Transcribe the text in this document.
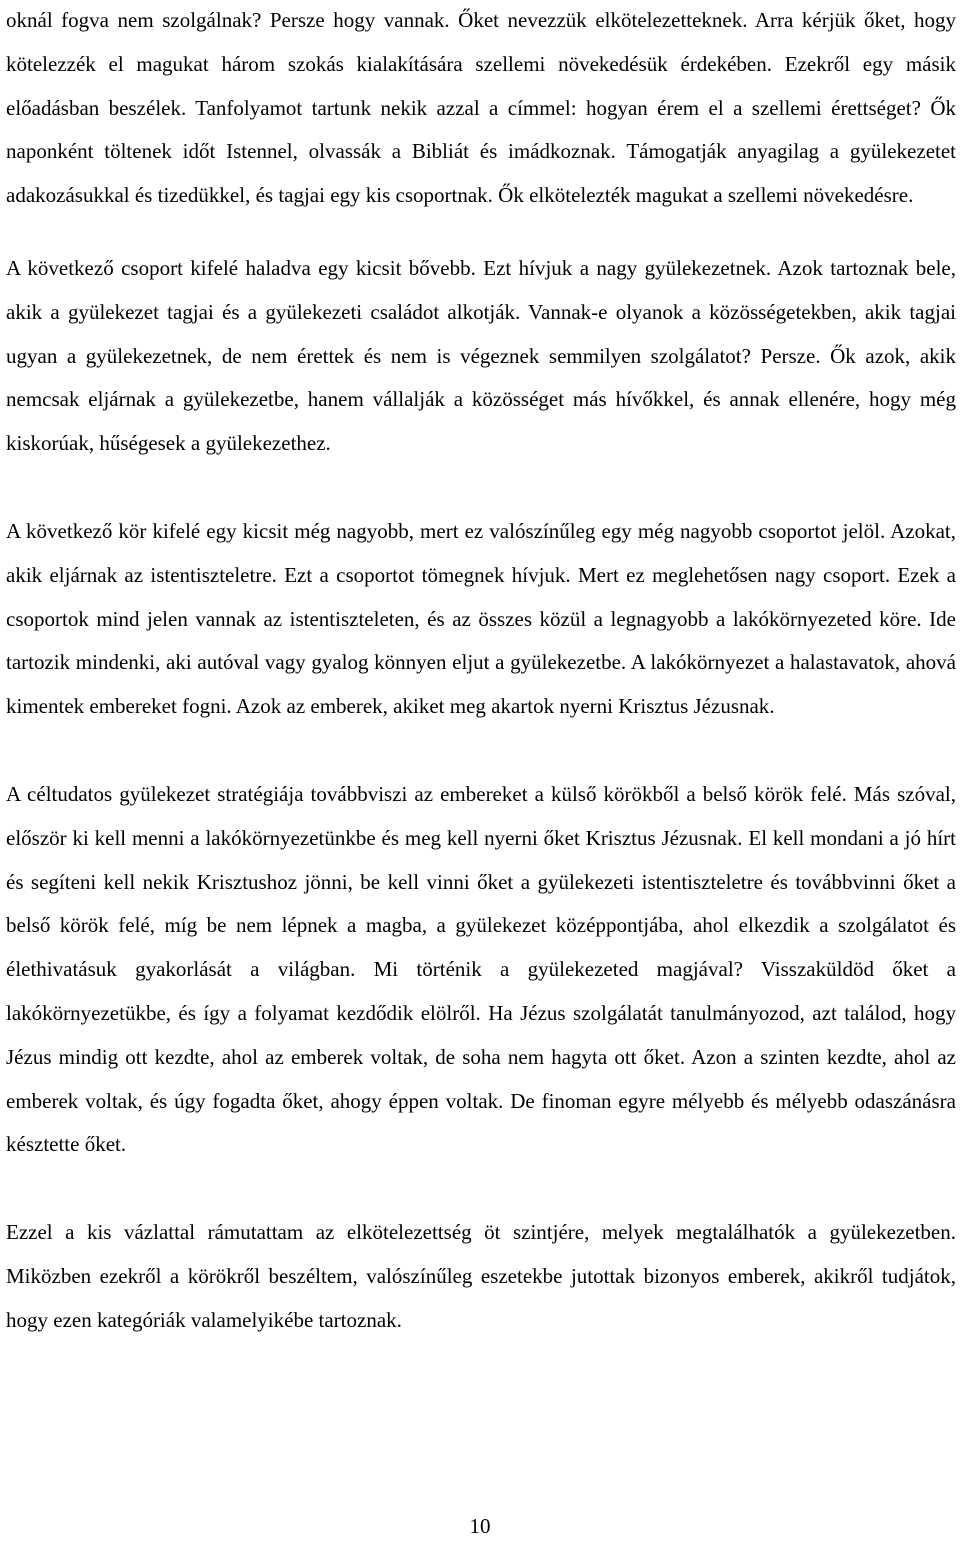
oknál fogva nem szolgálnak? Persze hogy vannak. Őket nevezzük elkötelezetteknek. Arra kérjük őket, hogy kötelezzék el magukat három szokás kialakítására szellemi növekedésük érdekében. Ezekről egy másik előadásban beszélek. Tanfolyamot tartunk nekik azzal a címmel: hogyan érem el a szellemi érettséget? Ők naponként töltenek időt Istennel, olvassák a Bibliát és imádkoznak. Támogatják anyagilag a gyülekezetet adakozásukkal és tizedükkel, és tagjai egy kis csoportnak. Ők elkötelezték magukat a szellemi növekedésre.

A következő csoport kifelé haladva egy kicsit bővebb. Ezt hívjuk a nagy gyülekezetnek. Azok tartoznak bele, akik a gyülekezet tagjai és a gyülekezeti családot alkotják. Vannak-e olyanok a közösségetekben, akik tagjai ugyan a gyülekezetnek, de nem érettek és nem is végeznek semmilyen szolgálatot? Persze. Ők azok, akik nemcsak eljárnak a gyülekezetbe, hanem vállalják a közösséget más hívőkkel, és annak ellenére, hogy még kiskorúak, hűségesek a gyülekezethez.

A következő kör kifelé egy kicsit még nagyobb, mert ez valószínűleg egy még nagyobb csoportot jelöl. Azokat, akik eljárnak az istentiszteletre. Ezt a csoportot tömegnek hívjuk. Mert ez meglehetősen nagy csoport. Ezek a csoportok mind jelen vannak az istentiszteleten, és az összes közül a legnagyobb a lakókörnyezeted köre. Ide tartozik mindenki, aki autóval vagy gyalog könnyen eljut a gyülekezetbe. A lakókörnyezet a halastavatok, ahová kimentek embereket fogni. Azok az emberek, akiket meg akartok nyerni Krisztus Jézusnak.

A céltudatos gyülekezet stratégiája továbbviszi az embereket a külső körökből a belső körök felé. Más szóval, először ki kell menni a lakókörnyezetünkbe és meg kell nyerni őket Krisztus Jézusnak. El kell mondani a jó hírt és segíteni kell nekik Krisztushoz jönni, be kell vinni őket a gyülekezeti istentiszteletre és továbbvinni őket a belső körök felé, míg be nem lépnek a magba, a gyülekezet középpontjába, ahol elkezdik a szolgálatot és élethivatásuk gyakorlását a világban. Mi történik a gyülekezeted magjával? Visszaküldöd őket a lakókörnyezetükbe, és így a folyamat kezdődik elölről. Ha Jézus szolgálatát tanulmányozod, azt találod, hogy Jézus mindig ott kezdte, ahol az emberek voltak, de soha nem hagyta ott őket. Azon a szinten kezdte, ahol az emberek voltak, és úgy fogadta őket, ahogy éppen voltak. De finoman egyre mélyebb és mélyebb odaszánásra késztette őket.

Ezzel a kis vázlattal rámutattam az elkötelezettség öt szintjére, melyek megtalálhatók a gyülekezetben. Miközben ezekről a körökről beszéltem, valószínűleg eszetekbe jutottak bizonyos emberek, akikről tudjátok, hogy ezen kategóriák valamelyikébe tartoznak.

10
